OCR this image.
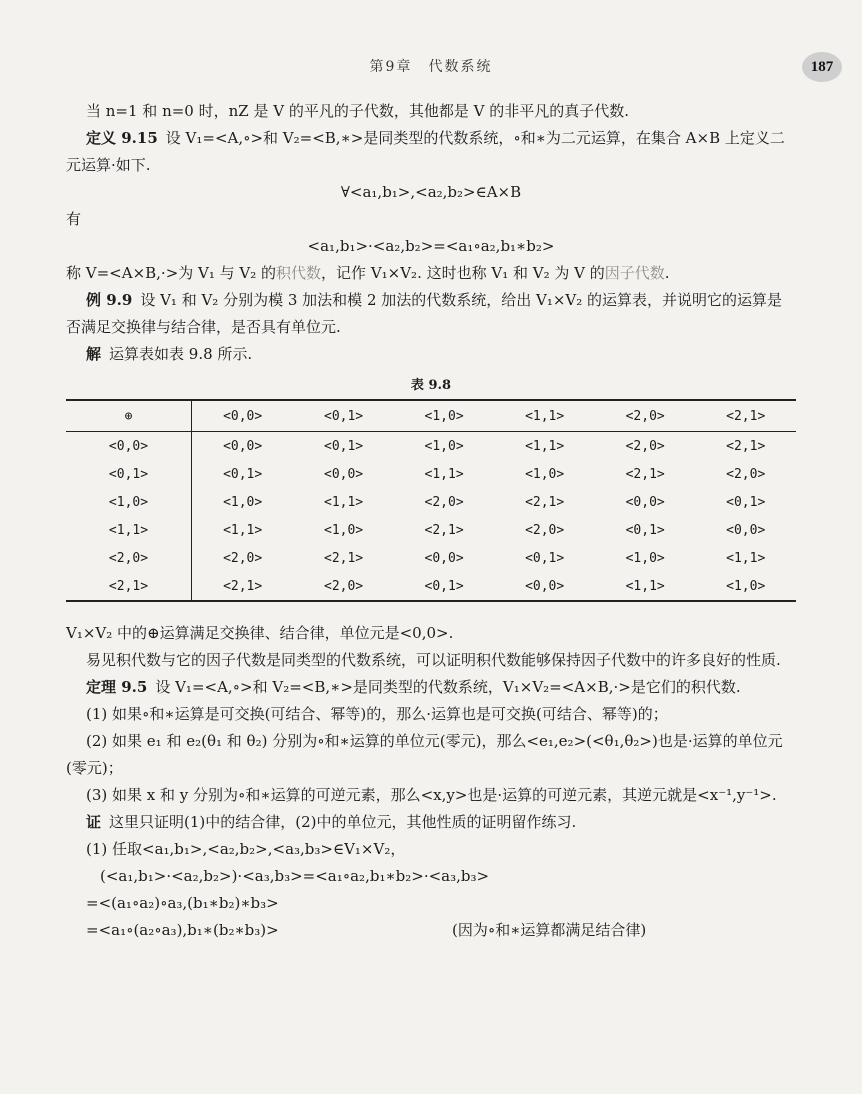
第9章　代数系统	187

当 n=1 和 n=0 时，nZ 是 V 的平凡的子代数，其他都是 V 的非平凡的真子代数.

定义 9.15 设 V₁=<A,∘>和 V₂=<B,∗>是同类型的代数系统，∘和∗为二元运算，在集合 A×B 上定义二元运算·如下.

∀<a₁,b₁>,<a₂,b₂>∈A×B

有

<a₁,b₁>·<a₂,b₂>=<a₁∘a₂,b₁∗b₂>

称 V=<A×B,·>为 V₁ 与 V₂ 的积代数，记作 V₁×V₂. 这时也称 V₁ 和 V₂ 为 V 的因子代数.

例 9.9 设 V₁ 和 V₂ 分别为模 3 加法和模 2 加法的代数系统，给出 V₁×V₂ 的运算表，并说明它的运算是否满足交换律与结合律，是否具有单位元.

解 运算表如表 9.8 所示.

表 9.8
⊕	<0,0>	<0,1>	<1,0>	<1,1>	<2,0>	<2,1>
<0,0>	<0,0>	<0,1>	<1,0>	<1,1>	<2,0>	<2,1>
<0,1>	<0,1>	<0,0>	<1,1>	<1,0>	<2,1>	<2,0>
<1,0>	<1,0>	<1,1>	<2,0>	<2,1>	<0,0>	<0,1>
<1,1>	<1,1>	<1,0>	<2,1>	<2,0>	<0,1>	<0,0>
<2,0>	<2,0>	<2,1>	<0,0>	<0,1>	<1,0>	<1,1>
<2,1>	<2,1>	<2,0>	<0,1>	<0,0>	<1,1>	<1,0>

V₁×V₂ 中的⊕运算满足交换律、结合律，单位元是<0,0>.

易见积代数与它的因子代数是同类型的代数系统，可以证明积代数能够保持因子代数中的许多良好的性质.

定理 9.5 设 V₁=<A,∘>和 V₂=<B,∗>是同类型的代数系统，V₁×V₂=<A×B,·>是它们的积代数.

(1) 如果∘和∗运算是可交换(可结合、幂等)的，那么·运算也是可交换(可结合、幂等)的；

(2) 如果 e₁ 和 e₂(θ₁ 和 θ₂) 分别为∘和∗运算的单位元(零元)，那么<e₁,e₂>(<θ₁,θ₂>)也是·运算的单位元(零元)；

(3) 如果 x 和 y 分别为∘和∗运算的可逆元素，那么<x,y>也是·运算的可逆元素，其逆元就是<x⁻¹,y⁻¹>.

证 这里只证明(1)中的结合律，(2)中的单位元，其他性质的证明留作练习.

(1) 任取<a₁,b₁>,<a₂,b₂>,<a₃,b₃>∈V₁×V₂，

(<a₁,b₁>·<a₂,b₂>)·<a₃,b₃>=<a₁∘a₂,b₁∗b₂>·<a₃,b₃>

=<(a₁∘a₂)∘a₃,(b₁∗b₂)∗b₃>

=<a₁∘(a₂∘a₃),b₁∗(b₂∗b₃)>	(因为∘和∗运算都满足结合律)
